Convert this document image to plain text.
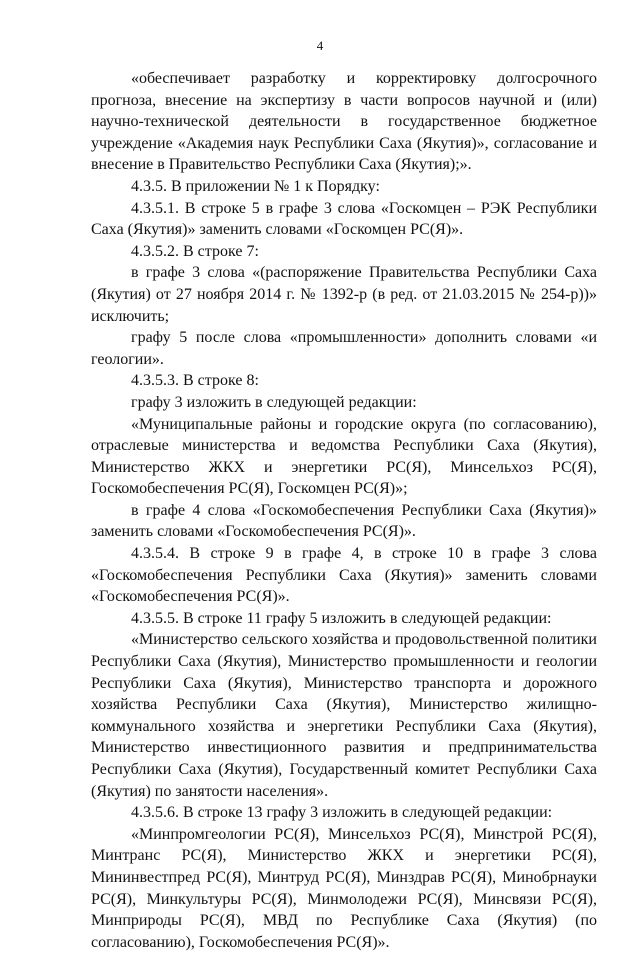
4

«обеспечивает разработку и корректировку долгосрочного прогноза, внесение на экспертизу в части вопросов научной и (или) научно-технической деятельности в государственное бюджетное учреждение «Академия наук Республики Саха (Якутия)», согласование и внесение в Правительство Республики Саха (Якутия);».

4.3.5. В приложении № 1 к Порядку:

4.3.5.1. В строке 5 в графе 3 слова «Госкомцен – РЭК Республики Саха (Якутия)» заменить словами «Госкомцен РС(Я)».

4.3.5.2. В строке 7:

в графе 3 слова «(распоряжение Правительства Республики Саха (Якутия) от 27 ноября 2014 г. № 1392-р (в ред. от 21.03.2015 № 254-р))» исключить;

графу 5 после слова «промышленности» дополнить словами «и геологии».

4.3.5.3. В строке 8:

графу 3 изложить в следующей редакции:

«Муниципальные районы и городские округа (по согласованию), отраслевые министерства и ведомства Республики Саха (Якутия), Министерство ЖКХ и энергетики РС(Я), Минсельхоз РС(Я), Госкомобеспечения РС(Я), Госкомцен РС(Я)»;

в графе 4 слова «Госкомобеспечения Республики Саха (Якутия)» заменить словами «Госкомобеспечения РС(Я)».

4.3.5.4. В строке 9 в графе 4, в строке 10 в графе 3 слова «Госкомобеспечения Республики Саха (Якутия)» заменить словами «Госкомобеспечения РС(Я)».

4.3.5.5. В строке 11 графу 5 изложить в следующей редакции:

«Министерство сельского хозяйства и продовольственной политики Республики Саха (Якутия), Министерство промышленности и геологии Республики Саха (Якутия), Министерство транспорта и дорожного хозяйства Республики Саха (Якутия), Министерство жилищно-коммунального хозяйства и энергетики Республики Саха (Якутия), Министерство инвестиционного развития и предпринимательства Республики Саха (Якутия), Государственный комитет Республики Саха (Якутия) по занятости населения».

4.3.5.6. В строке 13 графу 3 изложить в следующей редакции:

«Минпромгеологии РС(Я), Минсельхоз РС(Я), Минстрой РС(Я), Минтранс РС(Я), Министерство ЖКХ и энергетики РС(Я), Мининвестпред РС(Я), Минтруд РС(Я), Минздрав РС(Я), Минобрнауки РС(Я), Минкультуры РС(Я), Минмолодежи РС(Я), Минсвязи РС(Я), Минприроды РС(Я), МВД по Республике Саха (Якутия) (по согласованию), Госкомобеспечения РС(Я)».
